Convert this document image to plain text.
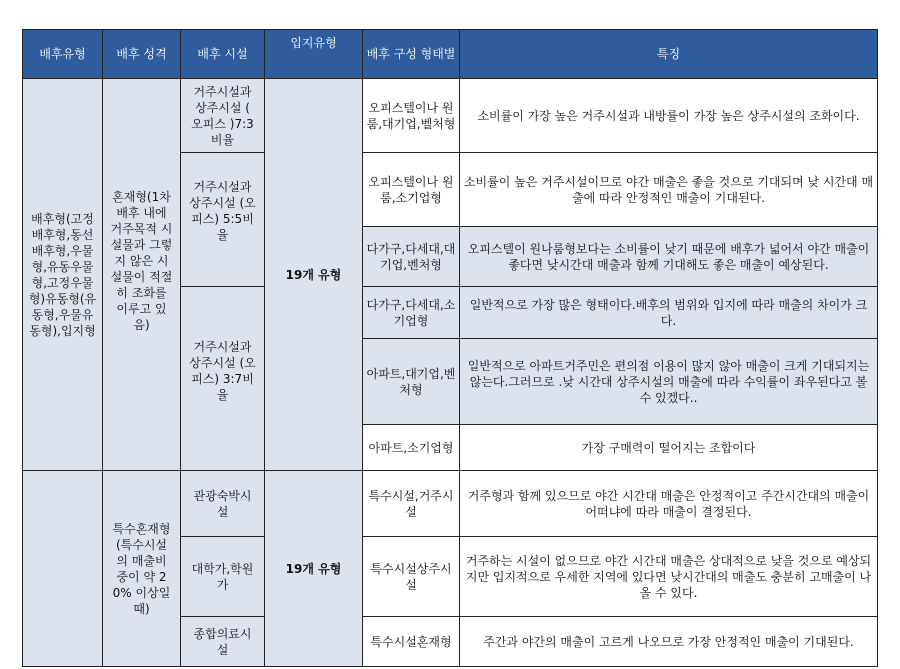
배후유형	배후 성격	배후 시설	입지유형	배후 구성 형태별	특징
배후형(고정배후형,동선배후형,우물형,유동우물형,고정우물형)유동형(유동형,우물유동형),입지형	혼재형(1차 배후 내에 거주목적 시설물과 그렇지 않은 시설물이 적절히 조화를 이루고 있음)	거주시설과 상주시설 ( 오피스 )7:3비율	19개 유형	오피스텔이나 원룸,대기업,벨처형	소비률이 가장 높은 거주시설과 내방률이 가장 높은 상주시설의 조화이다.
		거주시설과 상주시설 (오피스) 5:5비율		오피스텔이나 원룸,소기업형	소비률이 높은 거주시설이므로 야간 매출은 좋을 것으로 기대되며 낮 시간대 매출에 따라 안정적인 매출이 기대된다.
				다가구,다세대,대기업,벤처형	오피스텔이 원나룸형보다는 소비률이 낮기 때문에 배후가 넓어서 야간 매출이 좋다면 낮시간대 매출과 함께 기대해도 좋은 매출이 예상된다.
		거주시설과 상주시설 (오피스) 3:7비율		다가구,다세대,소기업형	일반적으로 가장 많은 형태이다.배후의 범위와 입지에 따라 매출의 차이가 크다.
				아파트,대기업,벤처형	일반적으로 아파트거주민은 편의점 이용이 많지 않아 매출이 크게 기대되지는 않는다.그러므로 .낮 시간대 상주시설의 매출에 따라 수익률이 좌우된다고 볼 수 있겠다..
				아파트,소기업형	가장 구매력이 떨어지는 조합이다
	특수혼재형(특수시설의 매출비중이 약 20% 이상일 때)	관광숙박시설	19개 유형	특수시설,거주시설	거주형과 함께 있으므로 야간 시간대 매출은 안정적이고 주간시간대의 매출이 어떠냐에 따라 매출이 결정된다.
		대학가,학원가		특수시설상주시설	거주하는 시설이 없으므로 야간 시간대 매출은 상대적으로 낮을 것으로 예상되지만 입지적으로 우세한 지역에 있다면 낮시간대의 매출도 충분히 고매출이 나올 수 있다.
		종합의료시설		특수시설혼재형	주간과 야간의 매출이 고르게 나오므로 가장 안정적인 매출이 기대된다.
